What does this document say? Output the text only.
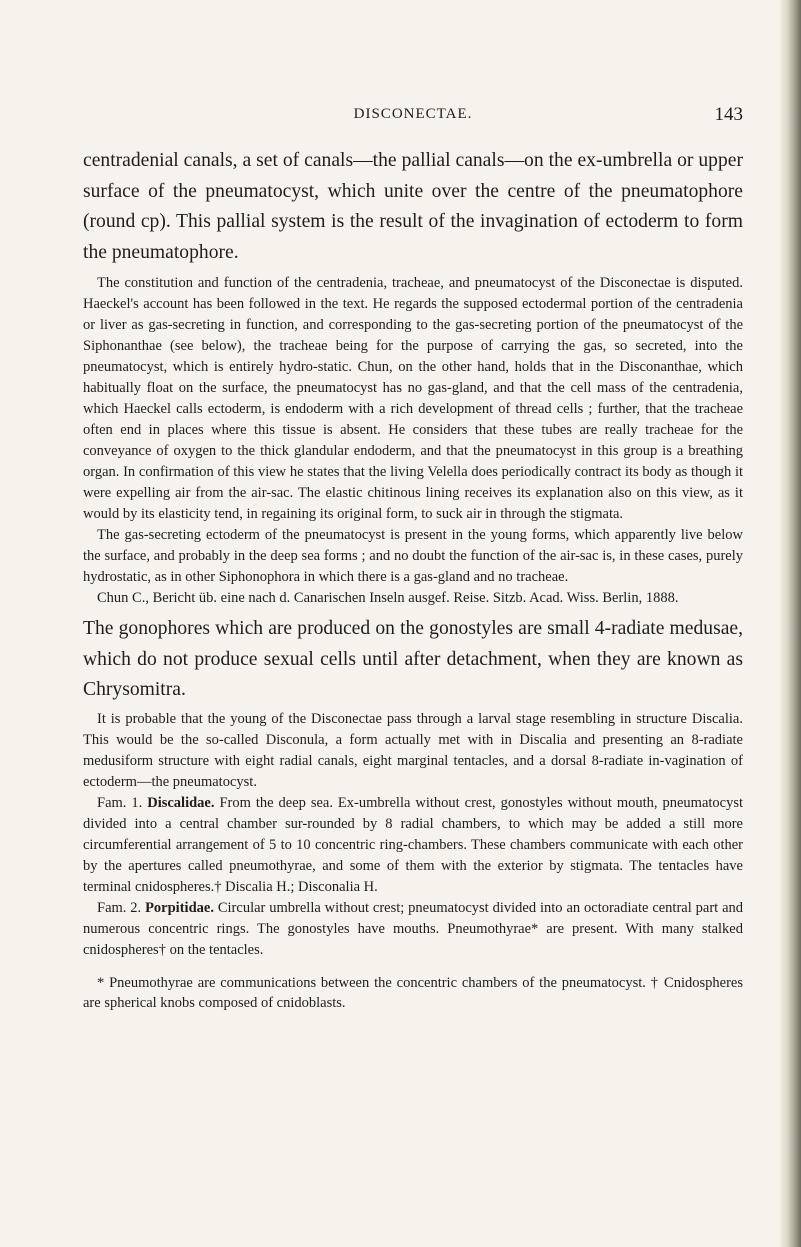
DISCONECTAE.	143

centradenial canals, a set of canals—the pallial canals—on the ex-umbrella or upper surface of the pneumatocyst, which unite over the centre of the pneumatophore (round cp). This pallial system is the result of the invagination of ectoderm to form the pneumatophore.

The constitution and function of the centradenia, tracheae, and pneumatocyst of the Disconectae is disputed. Haeckel's account has been followed in the text. He regards the supposed ectodermal portion of the centradenia or liver as gas-secreting in function, and corresponding to the gas-secreting portion of the pneumatocyst of the Siphonanthae (see below), the tracheae being for the purpose of carrying the gas, so secreted, into the pneumatocyst, which is entirely hydro-static. Chun, on the other hand, holds that in the Disconanthae, which habitually float on the surface, the pneumatocyst has no gas-gland, and that the cell mass of the centradenia, which Haeckel calls ectoderm, is endoderm with a rich development of thread cells ; further, that the tracheae often end in places where this tissue is absent. He considers that these tubes are really tracheae for the conveyance of oxygen to the thick glandular endoderm, and that the pneumatocyst in this group is a breathing organ. In confirmation of this view he states that the living Velella does periodically contract its body as though it were expelling air from the air-sac. The elastic chitinous lining receives its explanation also on this view, as it would by its elasticity tend, in regaining its original form, to suck air in through the stigmata.

The gas-secreting ectoderm of the pneumatocyst is present in the young forms, which apparently live below the surface, and probably in the deep sea forms ; and no doubt the function of the air-sac is, in these cases, purely hydrostatic, as in other Siphonophora in which there is a gas-gland and no tracheae.

Chun C., Bericht üb. eine nach d. Canarischen Inseln ausgef. Reise. Sitzb. Acad. Wiss. Berlin, 1888.

The gonophores which are produced on the gonostyles are small 4-radiate medusae, which do not produce sexual cells until after detachment, when they are known as Chrysomitra.

It is probable that the young of the Disconectae pass through a larval stage resembling in structure Discalia. This would be the so-called Disconula, a form actually met with in Discalia and presenting an 8-radiate medusiform structure with eight radial canals, eight marginal tentacles, and a dorsal 8-radiate in-vagination of ectoderm—the pneumatocyst.

Fam. 1. Discalidae. From the deep sea. Ex-umbrella without crest, gonostyles without mouth, pneumatocyst divided into a central chamber sur-rounded by 8 radial chambers, to which may be added a still more circumferential arrangement of 5 to 10 concentric ring-chambers. These chambers communicate with each other by the apertures called pneumothyrae, and some of them with the exterior by stigmata. The tentacles have terminal cnidospheres.† Discalia H.; Disconalia H.

Fam. 2. Porpitidae. Circular umbrella without crest; pneumatocyst divided into an octoradiate central part and numerous concentric rings. The gonostyles have mouths. Pneumothyrae* are present. With many stalked cnidospheres† on the tentacles.

* Pneumothyrae are communications between the concentric chambers of the pneumatocyst. † Cnidospheres are spherical knobs composed of cnidoblasts.
